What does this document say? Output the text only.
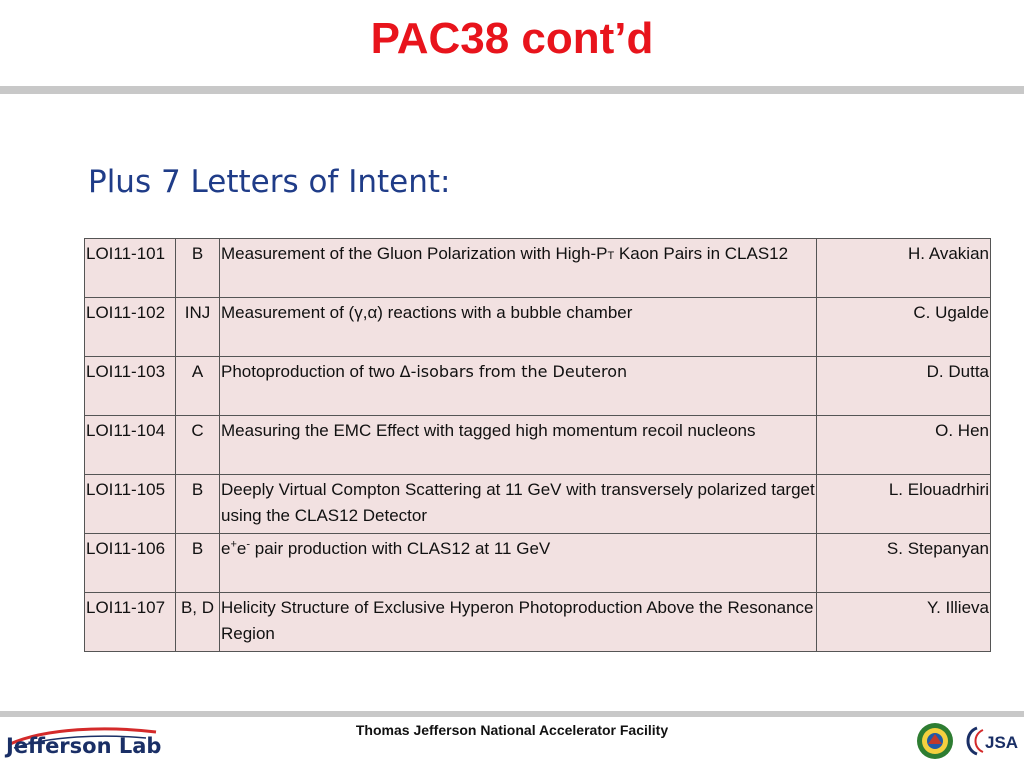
PAC38 cont’d
Plus 7 Letters of Intent:
LOI11-101	B	Measurement of the Gluon Polarization with High-PT Kaon Pairs in CLAS12	H. Avakian
LOI11-102	INJ	Measurement of (γ,α) reactions with a bubble chamber	C. Ugalde
LOI11-103	A	Photoproduction of two Δ-isobars from the Deuteron	D. Dutta
LOI11-104	C	Measuring the EMC Effect with tagged high momentum recoil nucleons	O. Hen
LOI11-105	B	Deeply Virtual Compton Scattering at 11 GeV with transversely polarized target using the CLAS12 Detector	L. Elouadrhiri
LOI11-106	B	e+e- pair production with CLAS12 at 11 GeV	S. Stepanyan
LOI11-107	B, D	Helicity Structure of Exclusive Hyperon Photoproduction Above the Resonance Region	Y. Illieva
Jefferson Lab
Thomas Jefferson National Accelerator Facility
JSA
